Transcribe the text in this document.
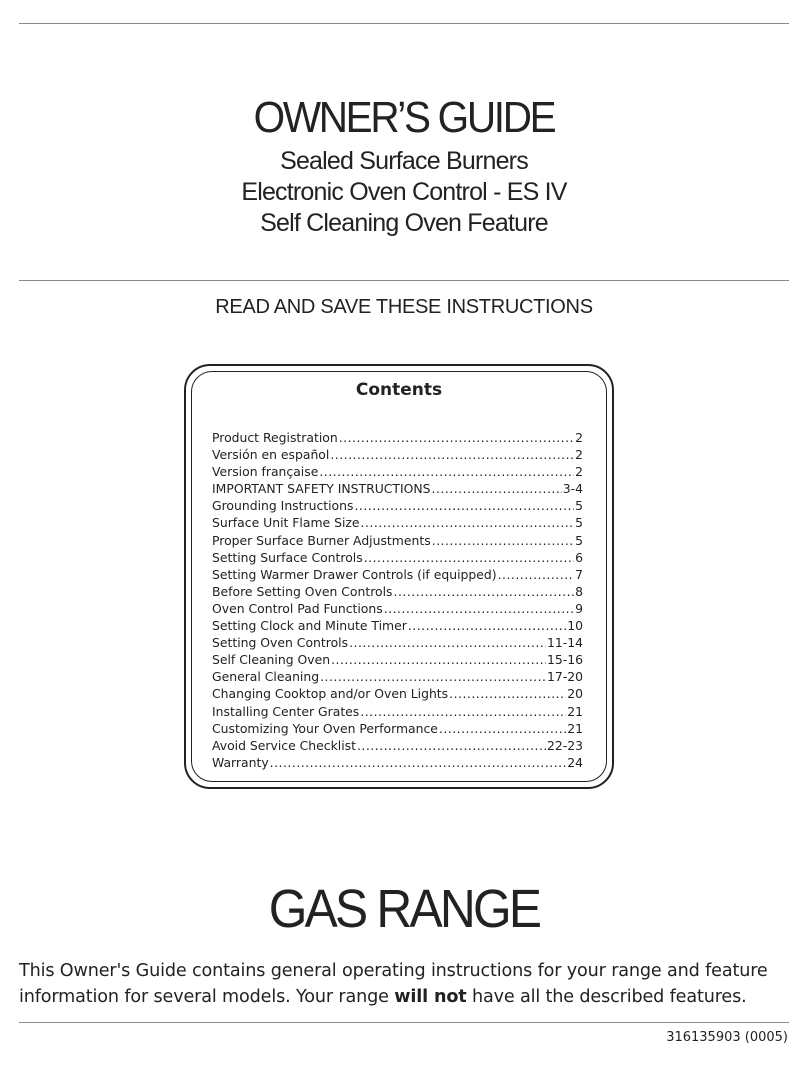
OWNER’S GUIDE
Sealed Surface Burners
Electronic Oven Control - ES IV
Self Cleaning Oven Feature
READ AND SAVE THESE INSTRUCTIONS
Contents
Product Registration .....	2
Versión en español .....	2
Version française .....	2
IMPORTANT SAFETY INSTRUCTIONS .....	3-4
Grounding Instructions .....	5
Surface Unit Flame Size .....	5
Proper Surface Burner Adjustments .....	5
Setting Surface Controls .....	6
Setting Warmer Drawer Controls (if equipped) .....	7
Before Setting Oven Controls .....	8
Oven Control Pad Functions .....	9
Setting Clock and Minute Timer .....	10
Setting Oven Controls .....	11-14
Self Cleaning Oven .....	15-16
General Cleaning .....	17-20
Changing Cooktop and/or Oven Lights .....	20
Installing Center Grates .....	21
Customizing Your Oven Performance .....	21
Avoid Service Checklist .....	22-23
Warranty .....	24
GAS RANGE
This Owner's Guide contains general operating instructions for your range and feature information for several models. Your range will not have all the described features.
316135903 (0005)
